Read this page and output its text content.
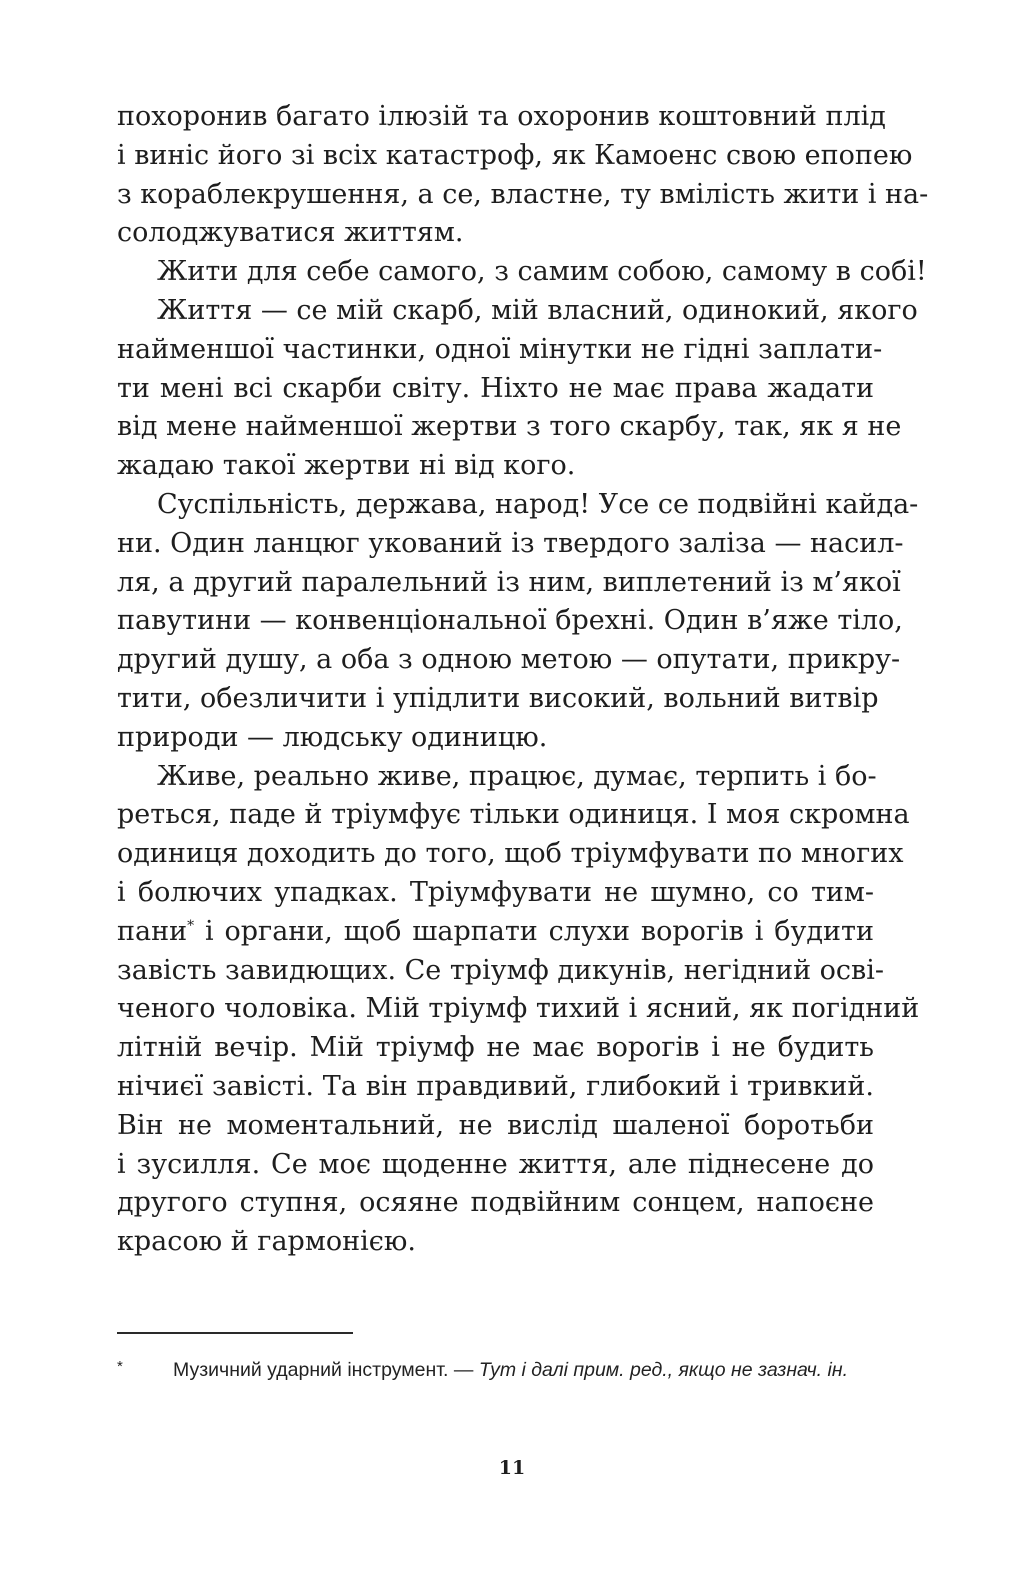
похоронив багато ілюзій та охоронив коштовний плід
і виніс його зі всіх катастроф, як Камоенс свою епопею
з кораблекрушення, а се, властне, ту вмілість жити і на-
солоджуватися життям.
Жити для себе самого, з самим собою, самому в собі!
Життя — се мій скарб, мій власний, одинокий, якого
найменшої частинки, одної мінутки не гідні заплати-
ти мені всі скарби світу. Ніхто не має права жадати
від мене найменшої жертви з того скарбу, так, як я не
жадаю такої жертви ні від кого.
Суспільність, держава, народ! Усе се подвійні кайда-
ни. Один ланцюг укований із твердого заліза — насил-
ля, а другий паралельний із ним, виплетений із м’якої
павутини — конвенціональної брехні. Один в’яже тіло,
другий душу, а оба з одною метою — опутати, прикру-
тити, обезличити і упідлити високий, вольний витвір
природи — людську одиницю.
Живе, реально живе, працює, думає, терпить і бо-
реться, паде й тріумфує тільки одиниця. І моя скромна
одиниця доходить до того, щоб тріумфувати по многих
і болючих упадках. Тріумфувати не шумно, со тим-
пани* i органи, щоб шарпати слухи ворогів і будити
завість завидющих. Се тріумф дикунів, негідний осві-
ченого чоловіка. Мій тріумф тихий і ясний, як погідний
літній вечір. Мій тріумф не має ворогів і не будить
нічиєї завісті. Та він правдивий, глибокий і тривкий.
Він не моментальний, не вислід шаленої боротьби
і зусилля. Се моє щоденне життя, але піднесене до
другого ступня, осяяне подвійним сонцем, напоєне
красою й гармонією.
*	Музичний ударний інструмент. — Тут і далі прим. ред., якщо не зазнач. ін.
11
